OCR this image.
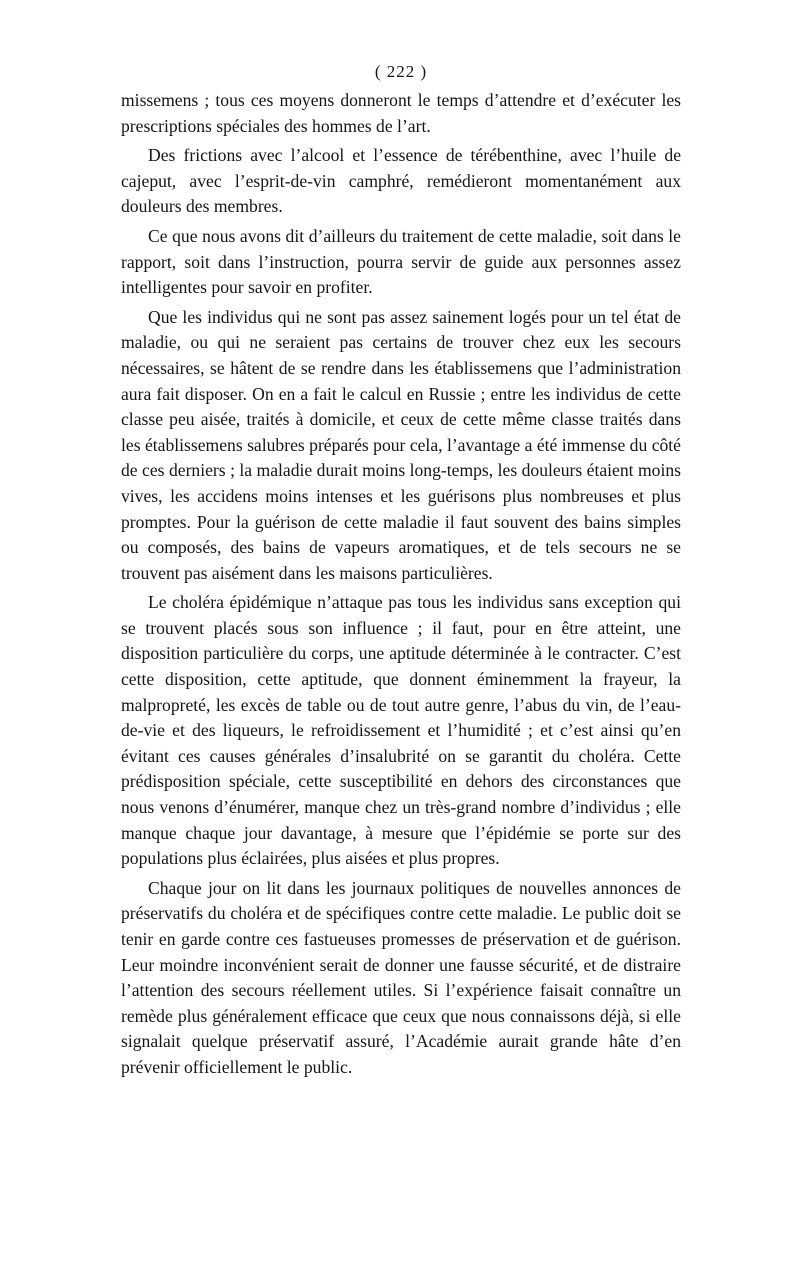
( 222 )

missemens ; tous ces moyens donneront le temps d’attendre et d’exécuter les prescriptions spéciales des hommes de l’art.

Des frictions avec l’alcool et l’essence de térébenthine, avec l’huile de cajeput, avec l’esprit-de-vin camphré, remédieront momentanément aux douleurs des membres.

Ce que nous avons dit d’ailleurs du traitement de cette maladie, soit dans le rapport, soit dans l’instruction, pourra servir de guide aux personnes assez intelligentes pour savoir en profiter.

Que les individus qui ne sont pas assez sainement logés pour un tel état de maladie, ou qui ne seraient pas certains de trouver chez eux les secours nécessaires, se hâtent de se rendre dans les établissemens que l’administration aura fait disposer. On en a fait le calcul en Russie ; entre les individus de cette classe peu aisée, traités à domicile, et ceux de cette même classe traités dans les établissemens salubres préparés pour cela, l’avantage a été immense du côté de ces derniers ; la maladie durait moins long-temps, les douleurs étaient moins vives, les accidens moins intenses et les guérisons plus nombreuses et plus promptes. Pour la guérison de cette maladie il faut souvent des bains simples ou composés, des bains de vapeurs aromatiques, et de tels secours ne se trouvent pas aisément dans les maisons particulières.

Le choléra épidémique n’attaque pas tous les individus sans exception qui se trouvent placés sous son influence ; il faut, pour en être atteint, une disposition particulière du corps, une aptitude déterminée à le contracter. C’est cette disposition, cette aptitude, que donnent éminemment la frayeur, la malpropreté, les excès de table ou de tout autre genre, l’abus du vin, de l’eau-de-vie et des liqueurs, le refroidissement et l’humidité ; et c’est ainsi qu’en évitant ces causes générales d’insalubrité on se garantit du choléra. Cette prédisposition spéciale, cette susceptibilité en dehors des circonstances que nous venons d’énumérer, manque chez un très-grand nombre d’individus ; elle manque chaque jour davantage, à mesure que l’épidémie se porte sur des populations plus éclairées, plus aisées et plus propres.

Chaque jour on lit dans les journaux politiques de nouvelles annonces de préservatifs du choléra et de spécifiques contre cette maladie. Le public doit se tenir en garde contre ces fastueuses promesses de préservation et de guérison. Leur moindre inconvénient serait de donner une fausse sécurité, et de distraire l’attention des secours réellement utiles. Si l’expérience faisait connaître un remède plus généralement efficace que ceux que nous connaissons déjà, si elle signalait quelque préservatif assuré, l’Académie aurait grande hâte d’en prévenir officiellement le public.
